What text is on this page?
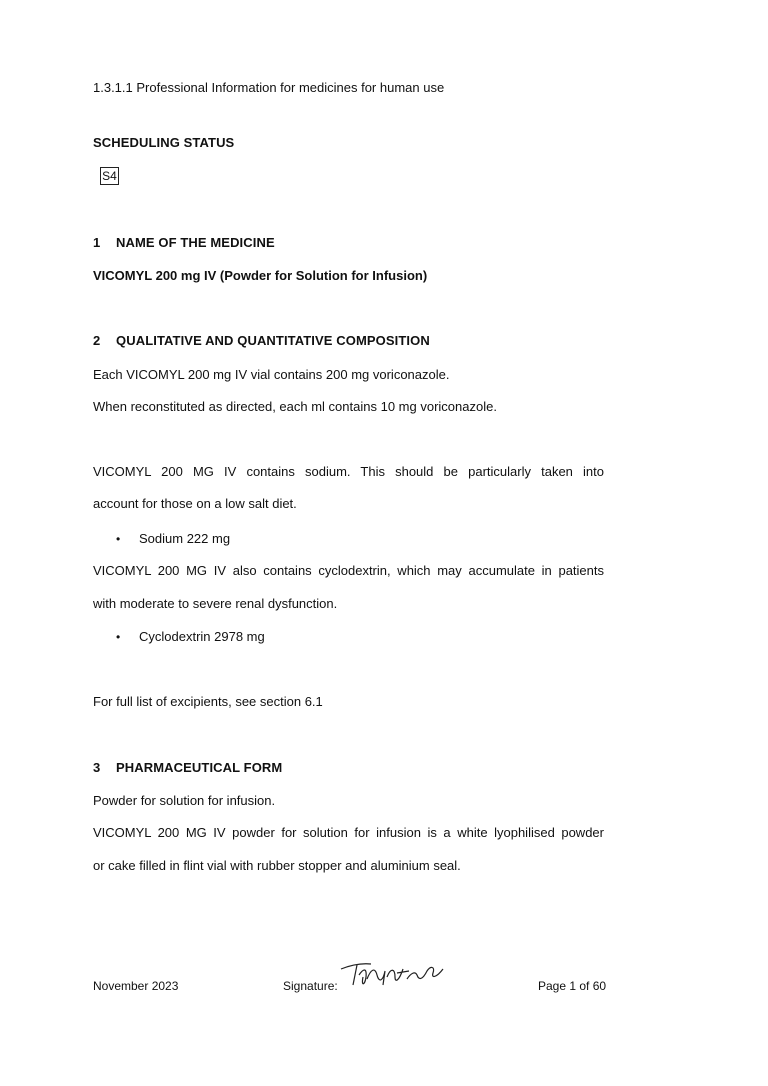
1.3.1.1 Professional Information for medicines for human use
SCHEDULING STATUS
S4
1 NAME OF THE MEDICINE
VICOMYL 200 mg IV (Powder for Solution for Infusion)
2 QUALITATIVE AND QUANTITATIVE COMPOSITION
Each VICOMYL 200 mg IV vial contains 200 mg voriconazole.
When reconstituted as directed, each ml contains 10 mg voriconazole.
VICOMYL 200 MG IV contains sodium. This should be particularly taken into
account for those on a low salt diet.
• Sodium 222 mg
VICOMYL 200 MG IV also contains cyclodextrin, which may accumulate in patients
with moderate to severe renal dysfunction.
• Cyclodextrin 2978 mg
For full list of excipients, see section 6.1
3 PHARMACEUTICAL FORM
Powder for solution for infusion.
VICOMYL 200 MG IV powder for solution for infusion is a white lyophilised powder
or cake filled in flint vial with rubber stopper and aluminium seal.
November 2023	Signature:	Page 1 of 60
